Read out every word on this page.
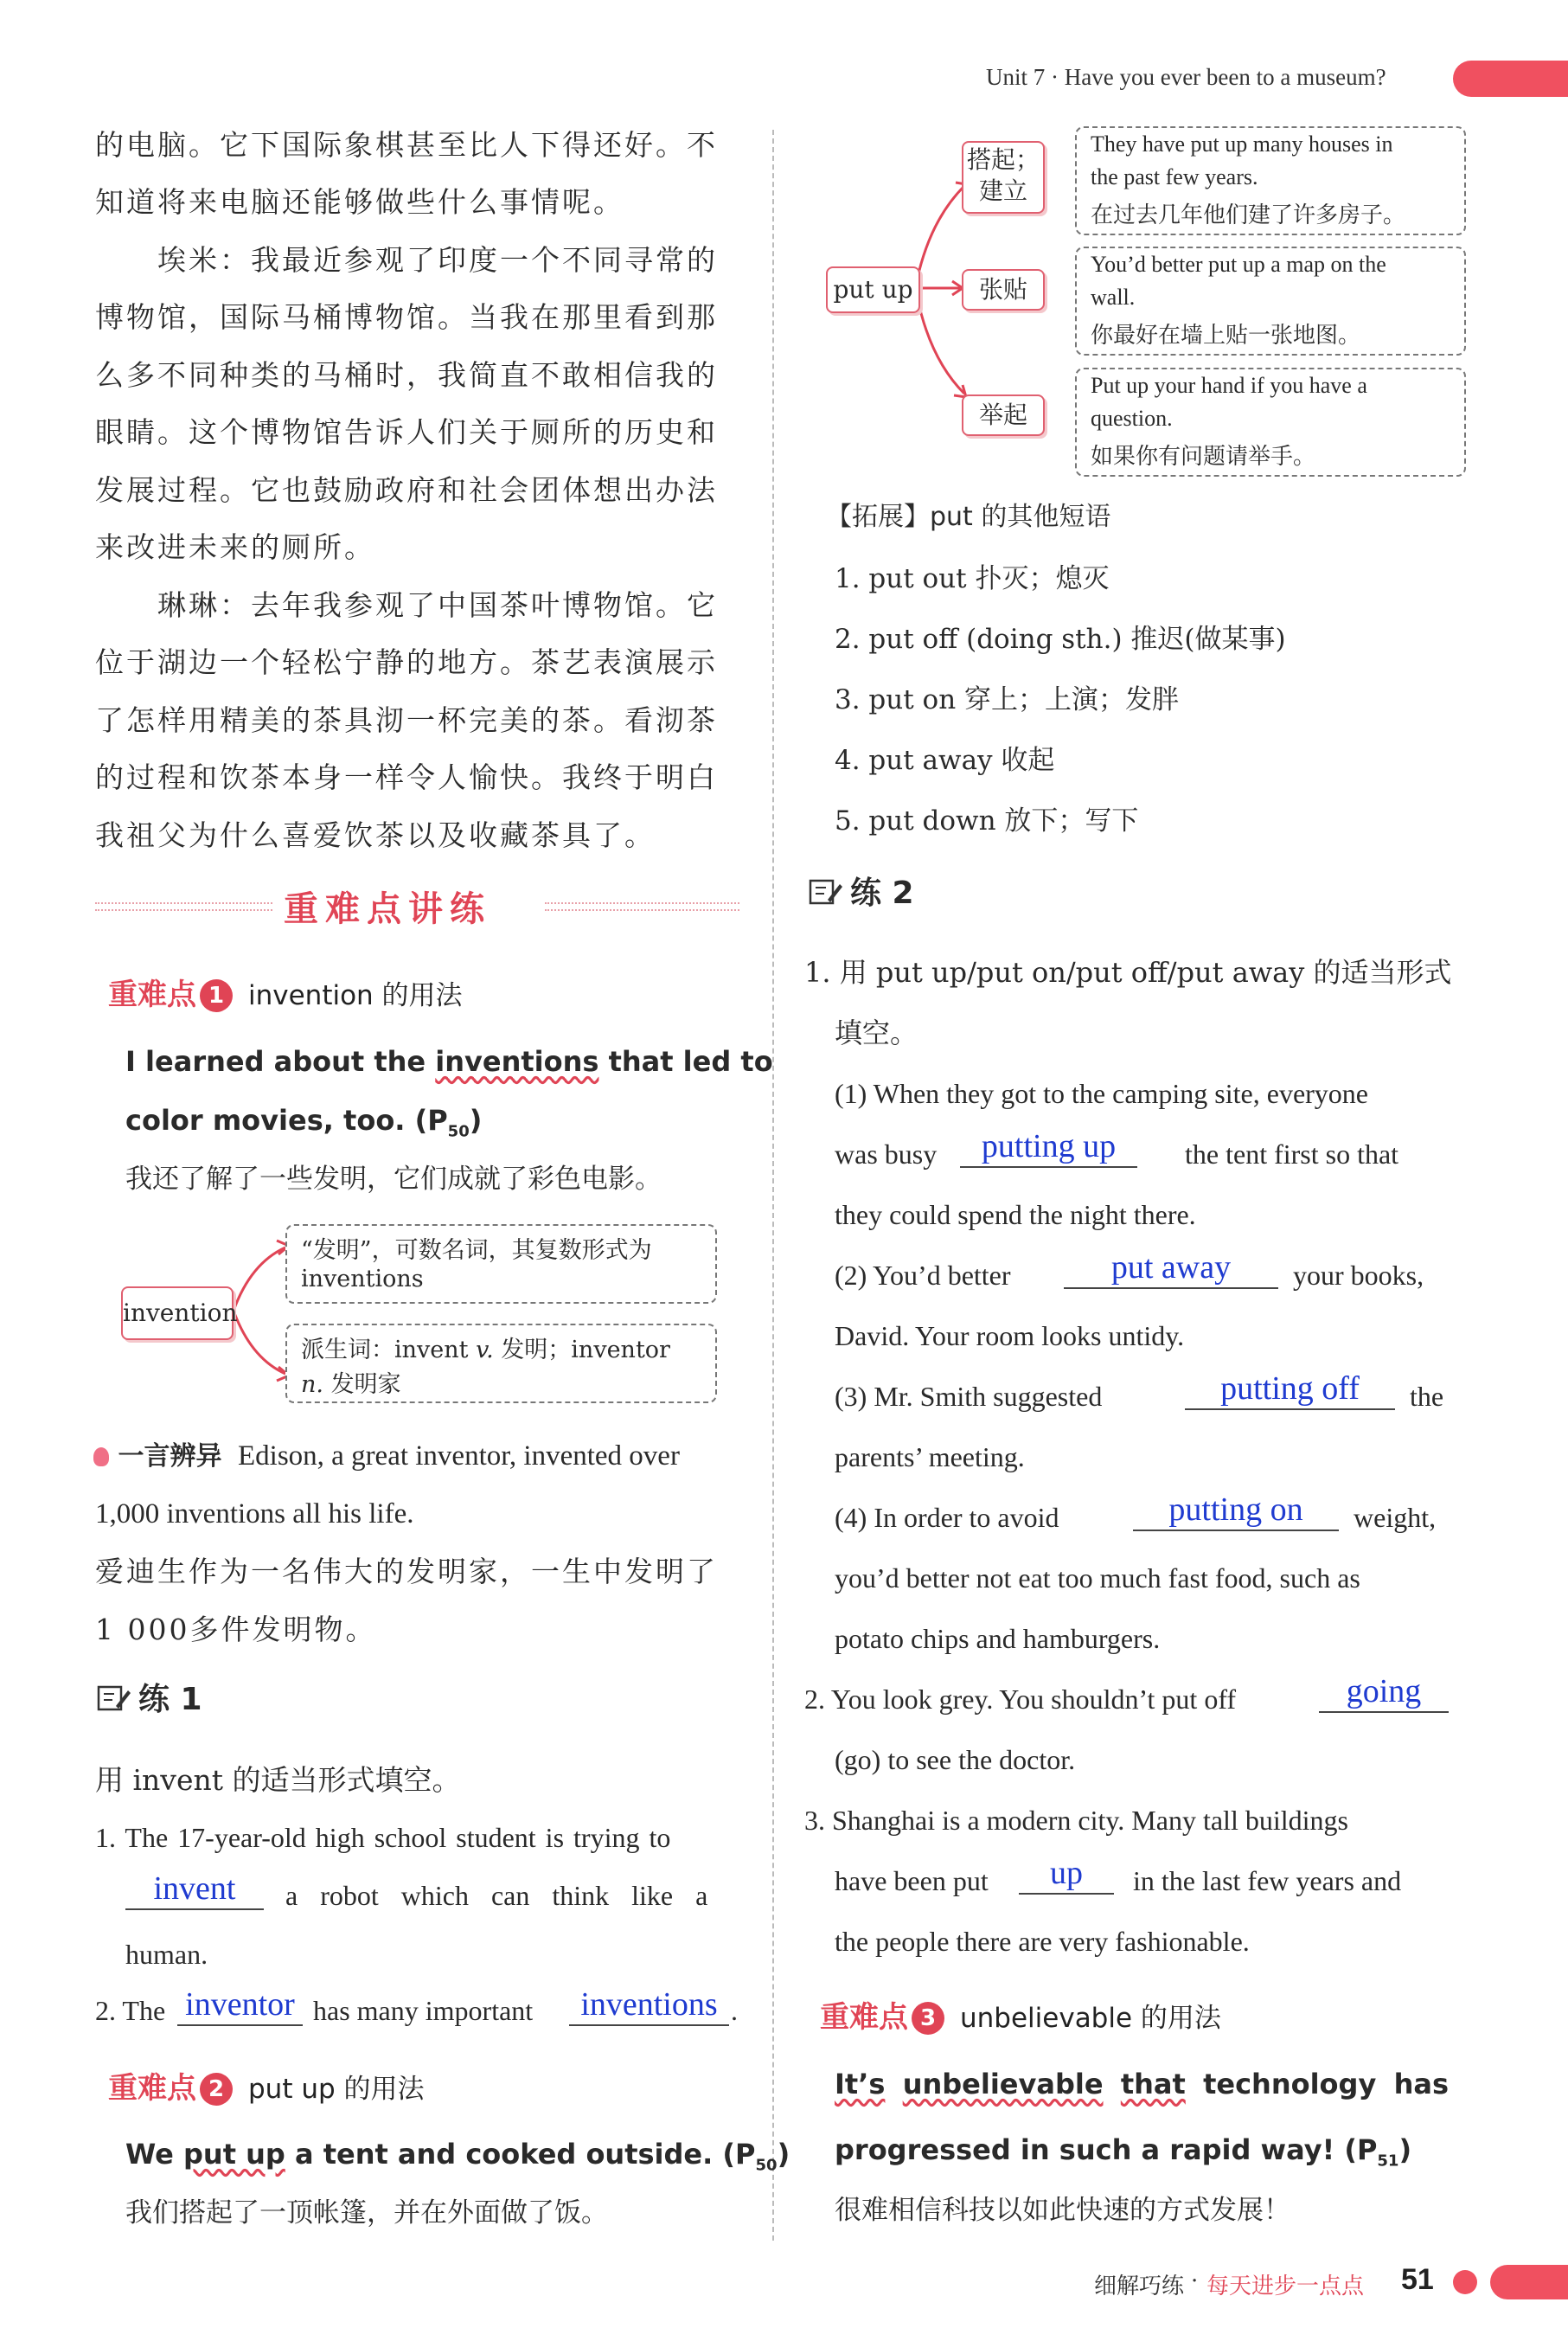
Unit 7 · Have you ever been to a museum?
的电脑。它下国际象棋甚至比人下得还好。不
知道将来电脑还能够做些什么事情呢。
埃米：我最近参观了印度一个不同寻常的
博物馆，国际马桶博物馆。当我在那里看到那
么多不同种类的马桶时，我简直不敢相信我的
眼睛。这个博物馆告诉人们关于厕所的历史和
发展过程。它也鼓励政府和社会团体想出办法
来改进未来的厕所。
琳琳：去年我参观了中国茶叶博物馆。它
位于湖边一个轻松宁静的地方。茶艺表演展示
了怎样用精美的茶具沏一杯完美的茶。看沏茶
的过程和饮茶本身一样令人愉快。我终于明白
我祖父为什么喜爱饮茶以及收藏茶具了。
重难点讲练
重难点 1 invention 的用法
I learned about the inventions that led to
color movies, too. $(P_{50})$
我还了解了一些发明，它们成就了彩色电影。
invention
“发明”，可数名词，其复数形式为
inventions
派生词：invent v. 发明；inventor
n. 发明家
一言辨异 Edison, a great inventor, invented over
1,000 inventions all his life.
爱迪生作为一名伟大的发明家，一生中发明了
1 000多件发明物。
练 1
用 invent 的适当形式填空。
1. The 17-year-old high school student is trying to
invent	a robot which can think like a
human.
2. The inventor has many important	inventions .
重难点 2 put up 的用法
We put up a tent and cooked outside. $(P_{50})$
我们搭起了一顶帐篷，并在外面做了饭。
put up
搭起；
建立
张贴
举起
They have put up many houses in
the past few years.
在过去几年他们建了许多房子。
You’d better put up a map on the
wall.
你最好在墙上贴一张地图。
Put up your hand if you have a
question.
如果你有问题请举手。
【拓展】put 的其他短语
1. put out 扑灭；熄灭
2. put off (doing sth.) 推迟(做某事)
3. put on 穿上；上演；发胖
4. put away 收起
5. put down 放下；写下
练 2
1. 用 put up/put on/put off/put away 的适当形式
填空。
(1) When they got to the camping site, everyone
was busy	putting up	the tent first so that
they could spend the night there.
(2) You’d better	put away	your books,
David. Your room looks untidy.
(3) Mr. Smith suggested	putting off	the
parents’ meeting.
(4) In order to avoid	putting on	weight,
you’d better not eat too much fast food, such as
potato chips and hamburgers.
2. You look grey. You shouldn’t put off	going
(go) to see the doctor.
3. Shanghai is a modern city. Many tall buildings
have been put	up	in the last few years and
the people there are very fashionable.
重难点 3 unbelievable 的用法
It’s unbelievable that technology has
progressed in such a rapid way! $(P_{51})$
很难相信科技以如此快速的方式发展！
细解巧练 · 每天进步一点点 51
